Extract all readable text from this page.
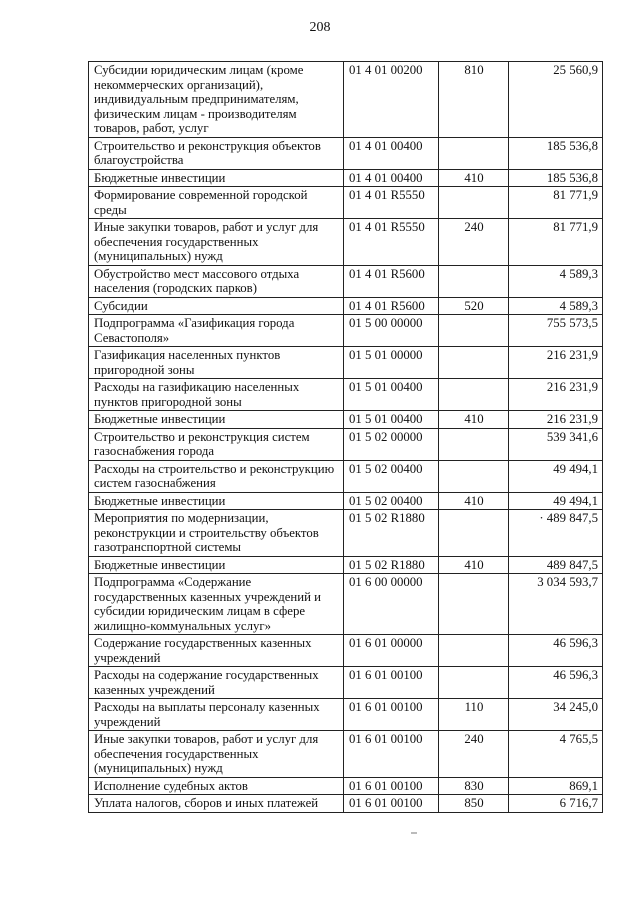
208
Субсидии юридическим лицам (кроме некоммерческих организаций), индивидуальным предпринимателям, физическим лицам - производителям товаров, работ, услуг	01 4 01 00200	810	25 560,9
Строительство и реконструкция объектов благоустройства	01 4 01 00400		185 536,8
Бюджетные инвестиции	01 4 01 00400	410	185 536,8
Формирование современной городской среды	01 4 01 R5550		81 771,9
Иные закупки товаров, работ и услуг для обеспечения государственных (муниципальных) нужд	01 4 01 R5550	240	81 771,9
Обустройство мест массового отдыха населения (городских парков)	01 4 01 R5600		4 589,3
Субсидии	01 4 01 R5600	520	4 589,3
Подпрограмма «Газификация города Севастополя»	01 5 00 00000		755 573,5
Газификация населенных пунктов пригородной зоны	01 5 01 00000		216 231,9
Расходы на газификацию населенных пунктов пригородной зоны	01 5 01 00400		216 231,9
Бюджетные инвестиции	01 5 01 00400	410	216 231,9
Строительство и реконструкция систем газоснабжения города	01 5 02 00000		539 341,6
Расходы на строительство и реконструкцию систем газоснабжения	01 5 02 00400		49 494,1
Бюджетные инвестиции	01 5 02 00400	410	49 494,1
Мероприятия по модернизации, реконструкции и строительству объектов газотранспортной системы	01 5 02 R1880		· 489 847,5
Бюджетные инвестиции	01 5 02 R1880	410	489 847,5
Подпрограмма «Содержание государственных казенных учреждений и субсидии юридическим лицам в сфере жилищно-коммунальных услуг»	01 6 00 00000		3 034 593,7
Содержание государственных казенных учреждений	01 6 01 00000		46 596,3
Расходы на содержание государственных казенных учреждений	01 6 01 00100		46 596,3
Расходы на выплаты персоналу казенных учреждений	01 6 01 00100	110	34 245,0
Иные закупки товаров, работ и услуг для обеспечения государственных (муниципальных) нужд	01 6 01 00100	240	4 765,5
Исполнение судебных актов	01 6 01 00100	830	869,1
Уплата налогов, сборов и иных платежей	01 6 01 00100	850	6 716,7
